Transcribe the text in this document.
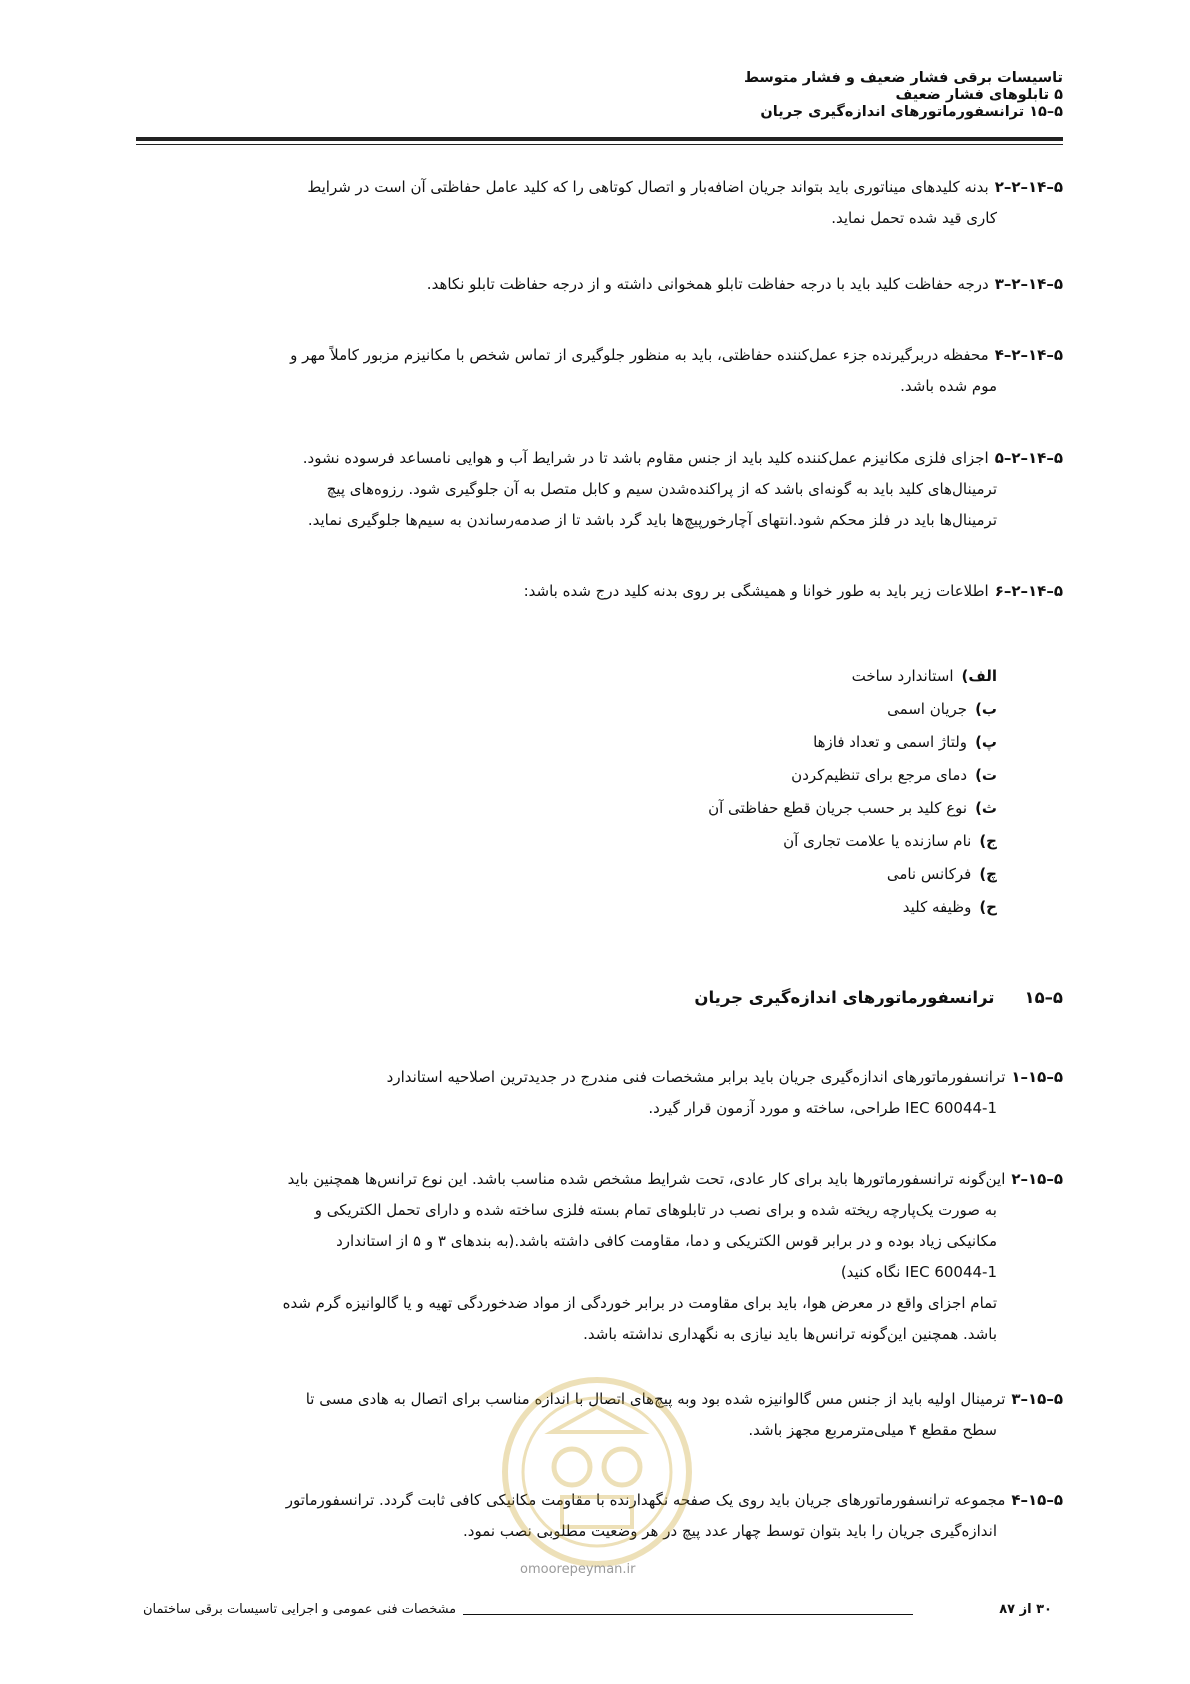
تاسیسات برقی فشار ضعیف و فشار متوسط
۵ تابلوهای فشار ضعیف
۵–۱۵ ترانسفورماتورهای اندازه‌گیری جریان
۵–۱۴–۲–۲بدنه کلیدهای میناتوری باید بتواند جریان اضافه‌بار و اتصال کوتاهی را که کلید عامل حفاظتی آن است در شرایط
کاری قید شده تحمل نماید.
۵–۱۴–۲–۳درجه حفاظت کلید باید با درجه حفاظت تابلو همخوانی داشته و از درجه حفاظت تابلو نکاهد.
۵–۱۴–۲–۴محفظه دربرگیرنده جزء عمل‌کننده حفاظتی، باید به منظور جلوگیری از تماس شخص با مکانیزم مزبور کاملاً مهر و
موم شده باشد.
۵–۱۴–۲–۵اجزای فلزی مکانیزم عمل‌کننده کلید باید از جنس مقاوم باشد تا در شرایط آب و هوایی نامساعد فرسوده نشود.
ترمینال‌های کلید باید به گونه‌ای باشد که از پراکنده‌شدن سیم و کابل متصل به آن جلوگیری شود. رزوه‌های پیچ
ترمینال‌ها باید در فلز محکم شود.انتهای آچارخورپیچ‌ها باید گرد باشد تا از صدمه‌رساندن به سیم‌ها جلوگیری نماید.
۵–۱۴–۲–۶اطلاعات زیر باید به طور خوانا و همیشگی بر روی بدنه کلید درج شده باشد:
الف)استاندارد ساخت
ب)جریان اسمی
پ)ولتاژ اسمی و تعداد فازها
ت)دمای مرجع برای تنظیم‌کردن
ث)نوع کلید بر حسب جریان قطع حفاظتی آن
ج)نام سازنده یا علامت تجاری آن
چ)فرکانس نامی
ح)وظیفه کلید
۵–۱۵ترانسفورماتورهای اندازه‌گیری جریان
۵–۱۵–۱ترانسفورماتورهای اندازه‌گیری جریان باید برابر مشخصات فنی مندرج در جدیدترین اصلاحیه استاندارد
IEC 60044-1 طراحی، ساخته و مورد آزمون قرار گیرد.
۵–۱۵–۲این‌گونه ترانسفورماتورها باید برای کار عادی، تحت شرایط مشخص شده مناسب باشد. این نوع ترانس‌ها همچنین باید
به صورت یک‌پارچه ریخته شده و برای نصب در تابلوهای تمام بسته فلزی ساخته شده و دارای تحمل الکتریکی و
مکانیکی زیاد بوده و در برابر قوس الکتریکی و دما، مقاومت کافی داشته باشد.(به بندهای ۳ و ۵ از استاندارد
IEC 60044-1 نگاه کنید)
تمام اجزای واقع در معرض هوا، باید برای مقاومت در برابر خوردگی از مواد ضدخوردگی تهیه و یا گالوانیزه گرم شده
باشد. همچنین این‌گونه ترانس‌ها باید نیازی به نگهداری نداشته باشد.
۵–۱۵–۳ترمینال اولیه باید از جنس مس گالوانیزه شده بود وبه پیچ‌های اتصال با اندازه مناسب برای اتصال به هادی مسی تا
سطح مقطع ۴ میلی‌مترمربع مجهز باشد.
۵–۱۵–۴مجموعه ترانسفورماتورهای جریان باید روی یک صفحه نگهدارنده با مقاومت مکانیکی کافی ثابت گردد. ترانسفورماتور
اندازه‌گیری جریان را باید بتوان توسط چهار عدد پیچ در هر وضعیت مطلوبی نصب نمود.
omoorepeyman.ir
۳۰ از ۸۷
مشخصات فنی عمومی و اجرایی تاسیسات برقی ساختمان
